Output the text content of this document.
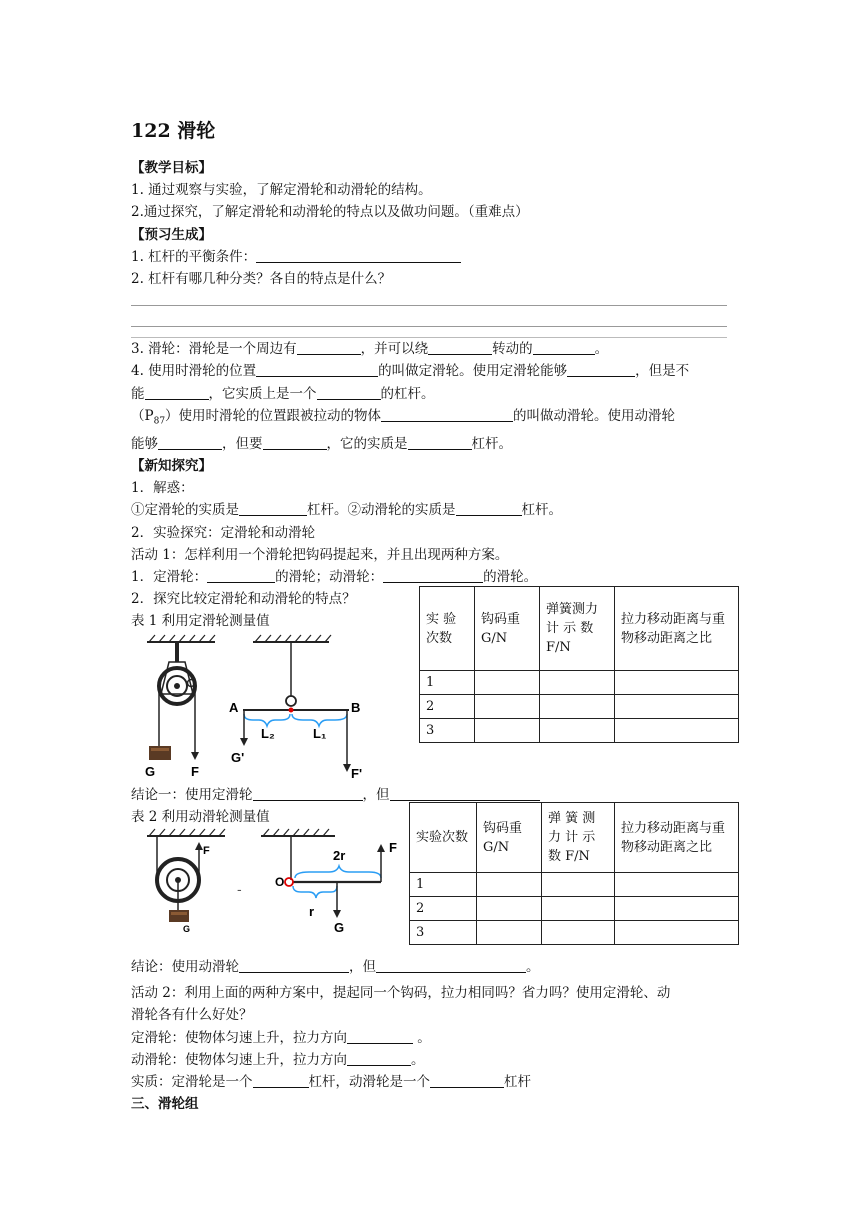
122 滑轮
【教学目标】
1. 通过观察与实验，了解定滑轮和动滑轮的结构。
2.通过探究，了解定滑轮和动滑轮的特点以及做功问题。（重难点）
【预习生成】
1. 杠杆的平衡条件：
2. 杠杆有哪几种分类？各自的特点是什么？
3. 滑轮：滑轮是一个周边有	，并可以绕	转动的	。
4. 使用时滑轮的位置	的叫做定滑轮。使用定滑轮能够	，但是不
能	，它实质上是一个	的杠杆。
$(P_{87})$使用时滑轮的位置跟被拉动的物体	的叫做动滑轮。使用动滑轮
能够	，但要	，它的实质是	杠杆。
【新知探究】
1．解惑：
①定滑轮的实质是	杠杆。②动滑轮的实质是	杠杆。
2．实验探究：定滑轮和动滑轮
活动 1：怎样利用一个滑轮把钩码提起来，并且出现两种方案。
1．定滑轮：	的滑轮；动滑轮：	的滑轮。
2．探究比较定滑轮和动滑轮的特点？
表 1 利用定滑轮测量值	实 验次数	钩码重 G/N	弹簧测力 计 示 数 F/N	拉力移动距离与重物移动距离之比
1			
2			
3			
G	F
A	B
L₂	L₁
G'
F'
结论一：使用定滑轮	，但
表 2 利用动滑轮测量值
实验次数	钩码重 G/N	弹 簧 测 力 计 示 数 F/N	拉力移动距离与重物移动距离之比
1			
2			
3			
F
G
-	O
2r
r
G
F
结论：使用动滑轮	，但	。
活动 2：利用上面的两种方案中，提起同一个钩码，拉力相同吗？省力吗？使用定滑轮、动
滑轮各有什么好处？
定滑轮：使物体匀速上升，拉力方向	。
动滑轮：使物体匀速上升，拉力方向	。
实质：定滑轮是一个	杠杆，动滑轮是一个	杠杆
三、滑轮组
